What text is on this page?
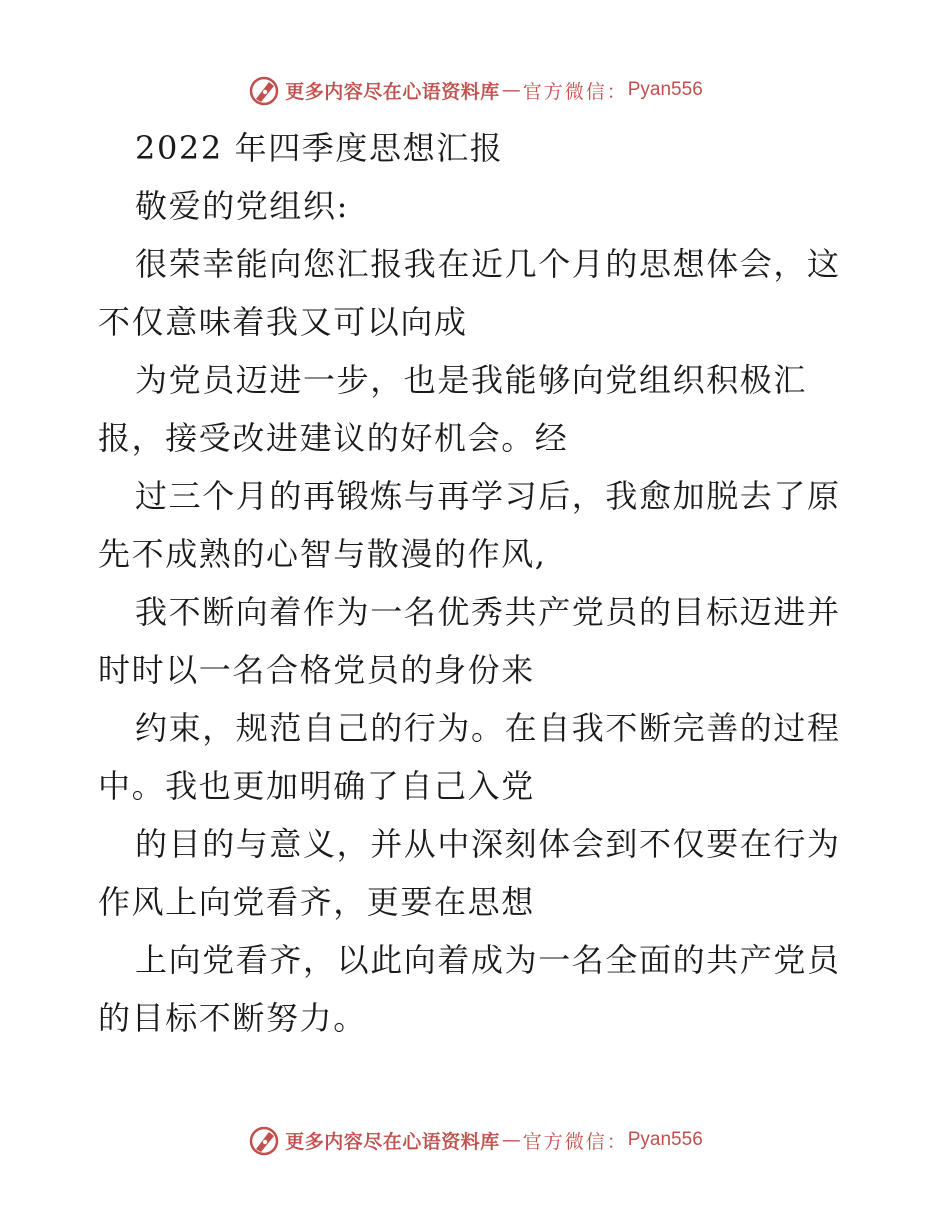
更多内容尽在心语资料库 — 官方微信： Pyan556
2022 年四季度思想汇报
敬爱的党组织:
很荣幸能向您汇报我在近几个月的思想体会，这
不仅意味着我又可以向成
为党员迈进一步，也是我能够向党组织积极汇
报，接受改进建议的好机会。经
过三个月的再锻炼与再学习后，我愈加脱去了原
先不成熟的心智与散漫的作风,
我不断向着作为一名优秀共产党员的目标迈进并
时时以一名合格党员的身份来
约束，规范自己的行为。在自我不断完善的过程
中。我也更加明确了自己入党
的目的与意义，并从中深刻体会到不仅要在行为
作风上向党看齐，更要在思想
上向党看齐，以此向着成为一名全面的共产党员
的目标不断努力。
更多内容尽在心语资料库 — 官方微信： Pyan556
